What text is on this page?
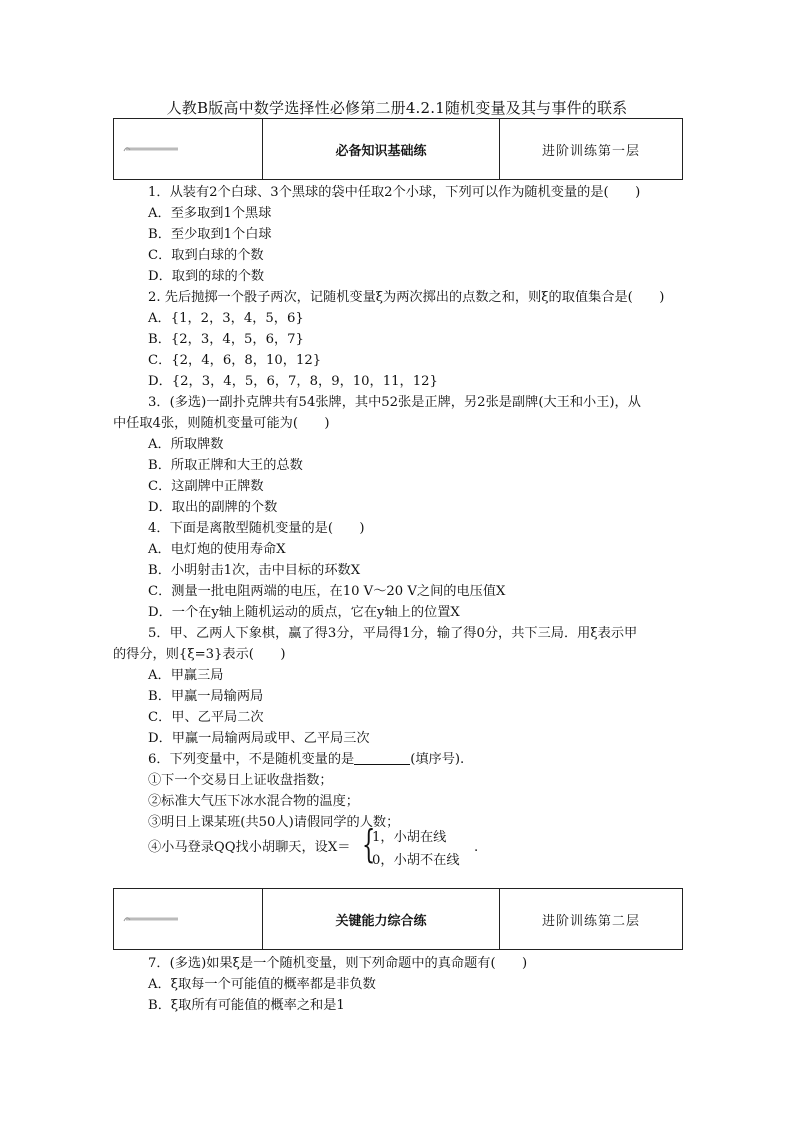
人教B版高中数学选择性必修第二册4.2.1随机变量及其与事件的联系
必备知识基础练	进阶训练第一层
1．从装有2个白球、3个黑球的袋中任取2个小球，下列可以作为随机变量的是(　　)
A．至多取到1个黑球
B．至少取到1个白球
C．取到白球的个数
D．取到的球的个数
2. 先后抛掷一个骰子两次，记随机变量ξ为两次掷出的点数之和，则ξ的取值集合是(　　)
A．{1，2，3，4，5，6}
B．{2，3，4，5，6，7}
C．{2，4，6，8，10，12}
D．{2，3，4，5，6，7，8，9，10，11，12}
3．(多选)一副扑克牌共有54张牌，其中52张是正牌，另2张是副牌(大王和小王)，从
中任取4张，则随机变量可能为(　　)
A．所取牌数
B．所取正牌和大王的总数
C．这副牌中正牌数
D．取出的副牌的个数
4．下面是离散型随机变量的是(　　)
A．电灯炮的使用寿命X
B．小明射击1次，击中目标的环数X
C．测量一批电阻两端的电压，在10 V～20 V之间的电压值X
D．一个在y轴上随机运动的质点，它在y轴上的位置X
5．甲、乙两人下象棋，赢了得3分，平局得1分，输了得0分，共下三局．用ξ表示甲
的得分，则{ξ=3}表示(　　)
A．甲赢三局
B．甲赢一局输两局
C．甲、乙平局二次
D．甲赢一局输两局或甲、乙平局三次
6．下列变量中，不是随机变量的是	(填序号).
①下一个交易日上证收盘指数；
②标准大气压下冰水混合物的温度；
③明日上课某班(共50人)请假同学的人数；
④小马登录QQ找小胡聊天，设X＝ {
1，小胡在线
0，小胡不在线
.
关键能力综合练	进阶训练第二层
7．(多选)如果ξ是一个随机变量，则下列命题中的真命题有(　　)
A．ξ取每一个可能值的概率都是非负数
B．ξ取所有可能值的概率之和是1
